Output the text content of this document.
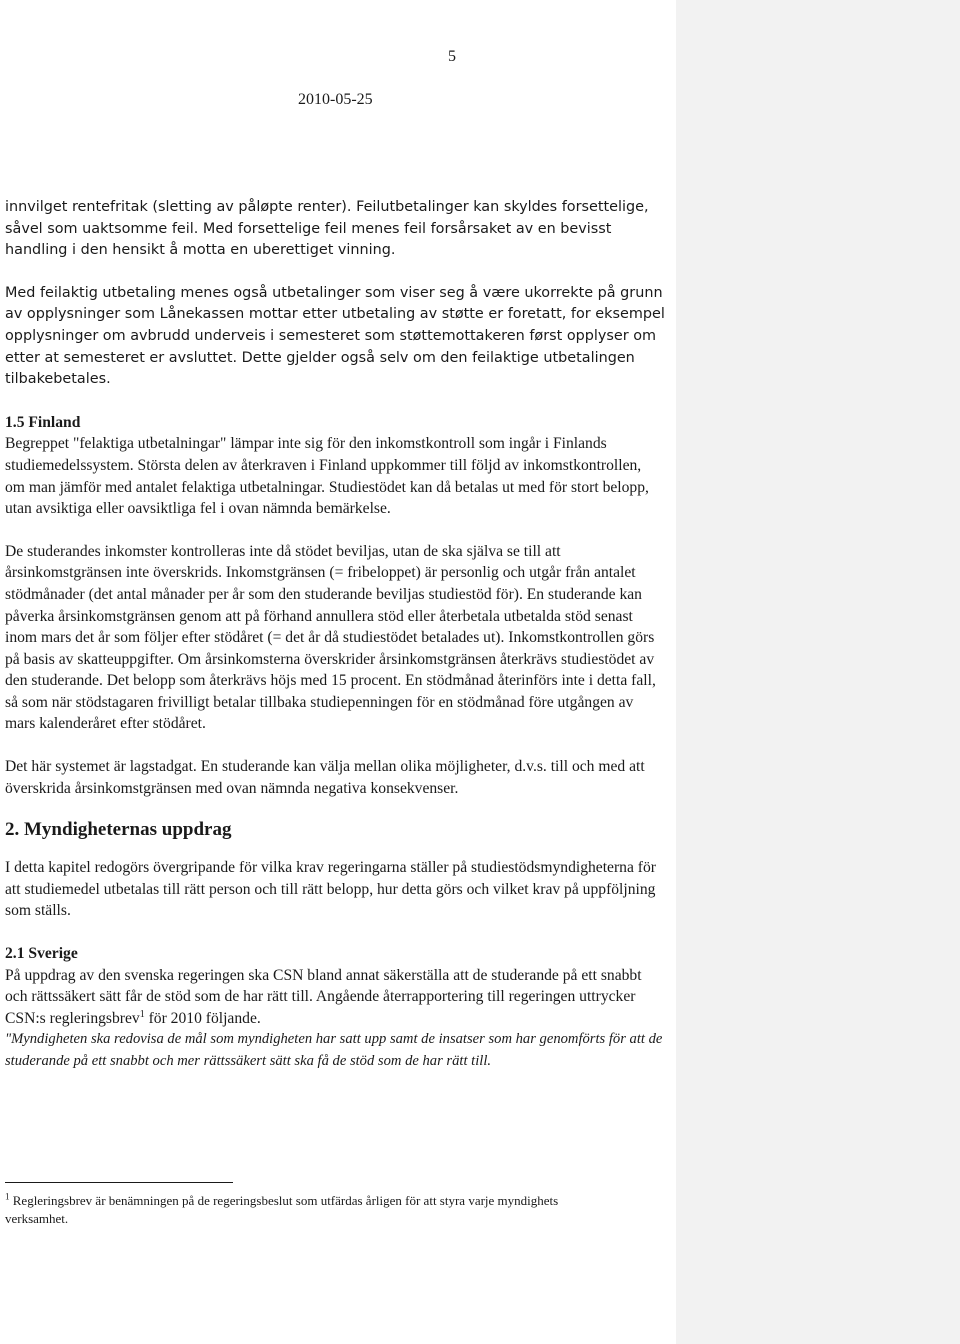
5
2010-05-25

innvilget rentefritak (sletting av påløpte renter). Feilutbetalinger kan skyldes forsettelige, såvel som uaktsomme feil. Med forsettelige feil menes feil forsårsaket av en bevisst handling i den hensikt å motta en uberettiget vinning.

Med feilaktig utbetaling menes også utbetalinger som viser seg å være ukorrekte på grunn av opplysninger som Lånekassen mottar etter utbetaling av støtte er foretatt, for eksempel opplysninger om avbrudd underveis i semesteret som støttemottakeren først opplyser om etter at semesteret er avsluttet. Dette gjelder også selv om den feilaktige utbetalingen tilbakebetales.

1.5 Finland

Begreppet "felaktiga utbetalningar" lämpar inte sig för den inkomstkontroll som ingår i Finlands studiemedelssystem. Största delen av återkraven i Finland uppkommer till följd av inkomstkontrollen, om man jämför med antalet felaktiga utbetalningar. Studiestödet kan då betalas ut med för stort belopp, utan avsiktiga eller oavsiktliga fel i ovan nämnda bemärkelse.

De studerandes inkomster kontrolleras inte då stödet beviljas, utan de ska själva se till att årsinkomstgränsen inte överskrids. Inkomstgränsen (= fribeloppet) är personlig och utgår från antalet stödmånader (det antal månader per år som den studerande beviljas studiestöd för). En studerande kan påverka årsinkomstgränsen genom att på förhand annullera stöd eller återbetala utbetalda stöd senast inom mars det år som följer efter stödåret (= det år då studiestödet betalades ut). Inkomstkontrollen görs på basis av skatteuppgifter. Om årsinkomsterna överskrider årsinkomstgränsen återkrävs studiestödet av den studerande. Det belopp som återkrävs höjs med 15 procent. En stödmånad återinförs inte i detta fall, så som när stödstagaren frivilligt betalar tillbaka studiepenningen för en stödmånad före utgången av mars kalenderåret efter stödåret.

Det här systemet är lagstadgat. En studerande kan välja mellan olika möjligheter, d.v.s. till och med att överskrida årsinkomstgränsen med ovan nämnda negativa konsekvenser.

2. Myndigheternas uppdrag

I detta kapitel redogörs övergripande för vilka krav regeringarna ställer på studiestödsmyndigheterna för att studiemedel utbetalas till rätt person och till rätt belopp, hur detta görs och vilket krav på uppföljning som ställs.

2.1 Sverige

På uppdrag av den svenska regeringen ska CSN bland annat säkerställa att de studerande på ett snabbt och rättssäkert sätt får de stöd som de har rätt till. Angående återrapportering till regeringen uttrycker CSN:s regleringsbrev$^1$ för 2010 följande.

"Myndigheten ska redovisa de mål som myndigheten har satt upp samt de insatser som har genomförts för att de studerande på ett snabbt och mer rättssäkert sätt ska få de stöd som de har rätt till.

$^1$ Regleringsbrev är benämningen på de regeringsbeslut som utfärdas årligen för att styra varje myndighets verksamhet.
